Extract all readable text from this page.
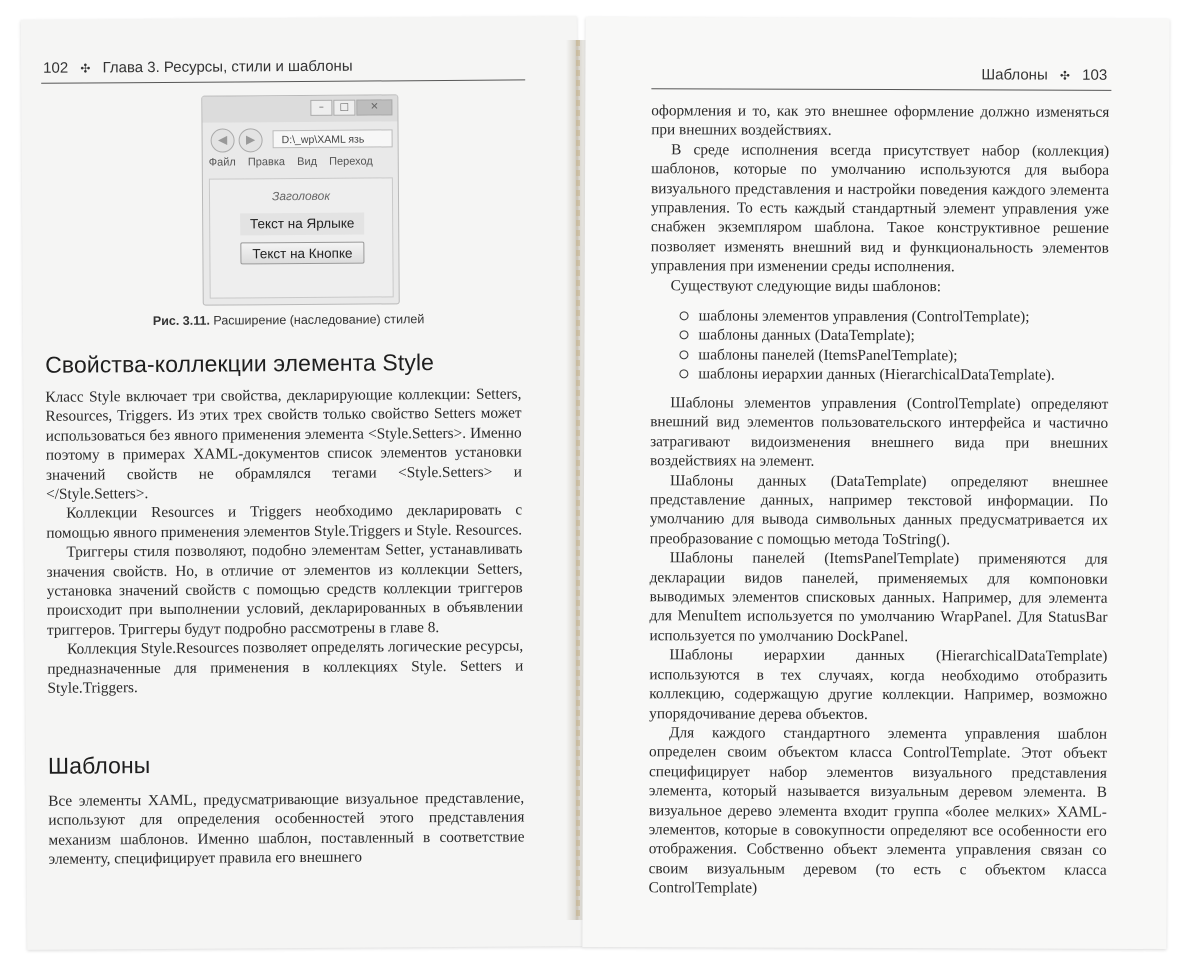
102 ✣ Глава 3. Ресурсы, стили и шаблоны
–	□	✕
◀	▶	D:\_wp\XAML язь
Файл Правка Вид Переход
Заголовок
Текст на Ярлыке
Текст на Кнопке
Рис. 3.11. Расширение (наследование) стилей
Свойства-коллекции элемента Style

Класс Style включает три свойства, декларирующие коллекции: Setters, Resources, Triggers. Из этих трех свойств только свойство Setters может использоваться без явного применения элемента <Style.Setters>. Именно поэтому в примерах XAML-документов список элементов установки значений свойств не обрамлялся тегами <Style.Setters> и </Style.Setters>.

Коллекции Resources и Triggers необходимо декларировать с помощью явного применения элементов Style.Triggers и Style. Resources.

Триггеры стиля позволяют, подобно элементам Setter, устанавливать значения свойств. Но, в отличие от элементов из коллекции Setters, установка значений свойств с помощью средств коллекции триггеров происходит при выполнении условий, декларированных в объявлении триггеров. Триггеры будут подробно рассмотрены в главе 8.

Коллекция Style.Resources позволяет определять логические ресурсы, предназначенные для применения в коллекциях Style. Setters и Style.Triggers.

Шаблоны

Все элементы XAML, предусматривающие визуальное представление, используют для определения особенностей этого представления механизм шаблонов. Именно шаблон, поставленный в соответствие элементу, специфицирует правила его внешнего

Шаблоны ✣ 103

оформления и то, как это внешнее оформление должно изменяться при внешних воздействиях.

В среде исполнения всегда присутствует набор (коллекция) шаблонов, которые по умолчанию используются для выбора визуального представления и настройки поведения каждого элемента управления. То есть каждый стандартный элемент управления уже снабжен экземпляром шаблона. Такое конструктивное решение позволяет изменять внешний вид и функциональность элементов управления при изменении среды исполнения.

Существуют следующие виды шаблонов:

шаблоны элементов управления (ControlTemplate);
шаблоны данных (DataTemplate);
шаблоны панелей (ItemsPanelTemplate);
шаблоны иерархии данных (HierarchicalDataTemplate).

Шаблоны элементов управления (ControlTemplate) определяют внешний вид элементов пользовательского интерфейса и частично затрагивают видоизменения внешнего вида при внешних воздействиях на элемент.

Шаблоны данных (DataTemplate) определяют внешнее представление данных, например текстовой информации. По умолчанию для вывода символьных данных предусматривается их преобразование с помощью метода ToString().

Шаблоны панелей (ItemsPanelTemplate) применяются для декларации видов панелей, применяемых для компоновки выводимых элементов списковых данных. Например, для элемента для MenuItem используется по умолчанию WrapPanel. Для StatusBar используется по умолчанию DockPanel.

Шаблоны иерархии данных (HierarchicalDataTemplate) используются в тех случаях, когда необходимо отобразить коллекцию, содержащую другие коллекции. Например, возможно упорядочивание дерева объектов.

Для каждого стандартного элемента управления шаблон определен своим объектом класса ControlTemplate. Этот объект специфицирует набор элементов визуального представления элемента, который называется визуальным деревом элемента. В визуальное дерево элемента входит группа «более мелких» XAML-элементов, которые в совокупности определяют все особенности его отображения. Собственно объект элемента управления связан со своим визуальным деревом (то есть с объектом класса ControlTemplate)
